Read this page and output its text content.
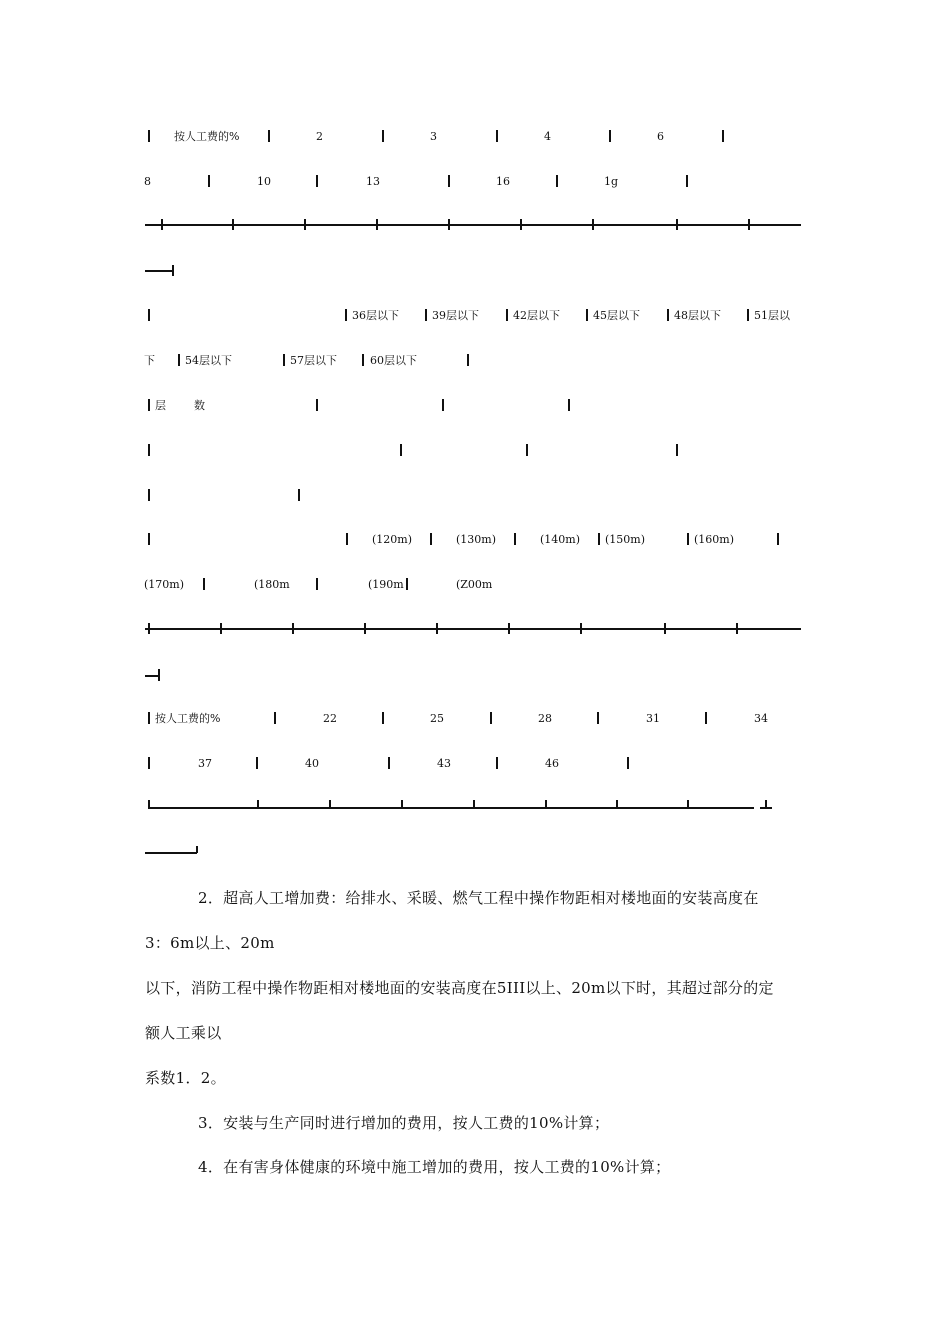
按人工费的%	2	3	4	6
8	10	13	16	1g
36层以下	39层以下	42层以下	45层以下	48层以下	51层以
下	54层以下	57层以下	60层以下
层　　数
(120m)	(130m)	(140m) (150m)	(160m)
(170m)	(180m	(190m	(Z00m
按人工费的%	22	25	28	31	34
37	40	43	46

2．超高人工增加费：给排水、采暖、燃气工程中操作物距相对楼地面的安装高度在

3：6m以上、20m

以下，消防工程中操作物距相对楼地面的安装高度在5III以上、20m以下时，其超过部分的定

额人工乘以

系数1．2。

3．安装与生产同时进行增加的费用，按人工费的10%计算；

4．在有害身体健康的环境中施工增加的费用，按人工费的10%计算；
